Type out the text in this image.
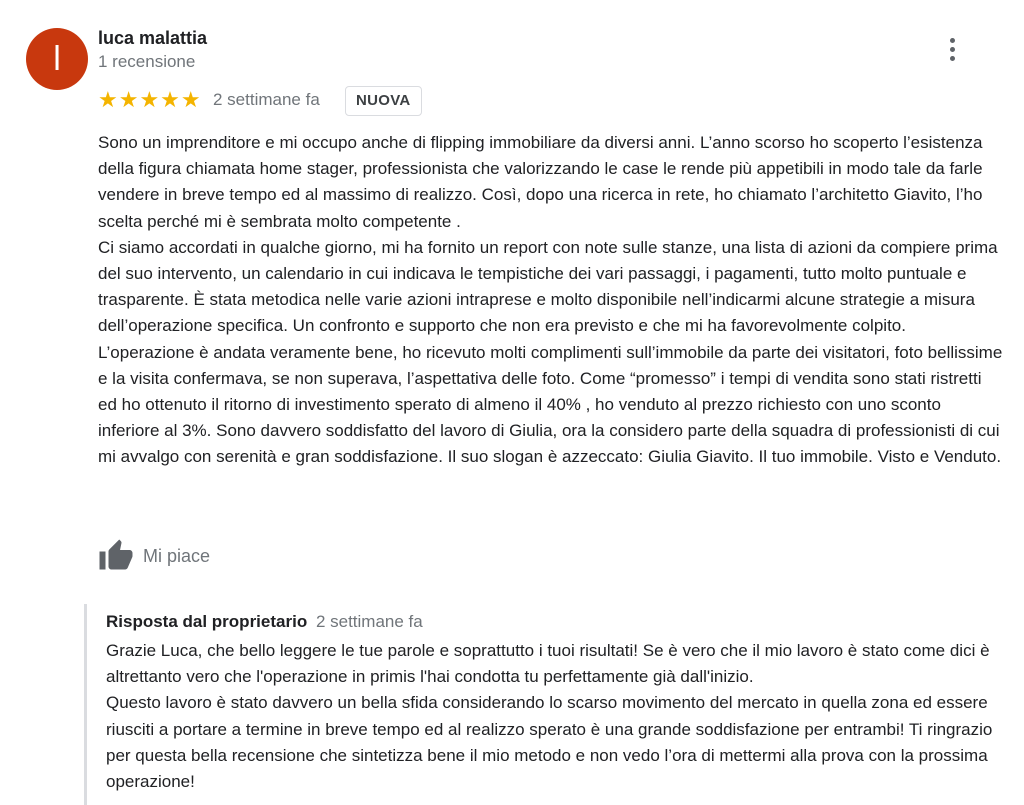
l
luca malattia
1 recensione
★★★★★ 2 settimane fa	NUOVA

Sono un imprenditore e mi occupo anche di flipping immobiliare da diversi anni. L’anno scorso ho scoperto l’esistenza della figura chiamata home stager, professionista che valorizzando le case le rende più appetibili in modo tale da farle vendere in breve tempo ed al massimo di realizzo. Così, dopo una ricerca in rete, ho chiamato l’architetto Giavito, l’ho scelta perché mi è sembrata molto competente .

Ci siamo accordati in qualche giorno, mi ha fornito un report con note sulle stanze, una lista di azioni da compiere prima del suo intervento, un calendario in cui indicava le tempistiche dei vari passaggi, i pagamenti, tutto molto puntuale e trasparente. È stata metodica nelle varie azioni intraprese e molto disponibile nell’indicarmi alcune strategie a misura dell’operazione specifica. Un confronto e supporto che non era previsto e che mi ha favorevolmente colpito.

L’operazione è andata veramente bene, ho ricevuto molti complimenti sull’immobile da parte dei visitatori, foto bellissime e la visita confermava, se non superava, l’aspettativa delle foto. Come “promesso” i tempi di vendita sono stati ristretti ed ho ottenuto il ritorno di investimento sperato di almeno il 40% , ho venduto al prezzo richiesto con uno sconto inferiore al 3%. Sono davvero soddisfatto del lavoro di Giulia, ora la considero parte della squadra di professionisti di cui mi avvalgo con serenità e gran soddisfazione. Il suo slogan è azzeccato: Giulia Giavito. Il tuo immobile. Visto e Venduto.

Mi piace
Risposta dal proprietario 2 settimane fa

Grazie Luca, che bello leggere le tue parole e soprattutto i tuoi risultati! Se è vero che il mio lavoro è stato come dici è altrettanto vero che l'operazione in primis l'hai condotta tu perfettamente già dall'inizio.

Questo lavoro è stato davvero un bella sfida considerando lo scarso movimento del mercato in quella zona ed essere riusciti a portare a termine in breve tempo ed al realizzo sperato è una grande soddisfazione per entrambi! Ti ringrazio per questa bella recensione che sintetizza bene il mio metodo e non vedo l’ora di mettermi alla prova con la prossima operazione!
